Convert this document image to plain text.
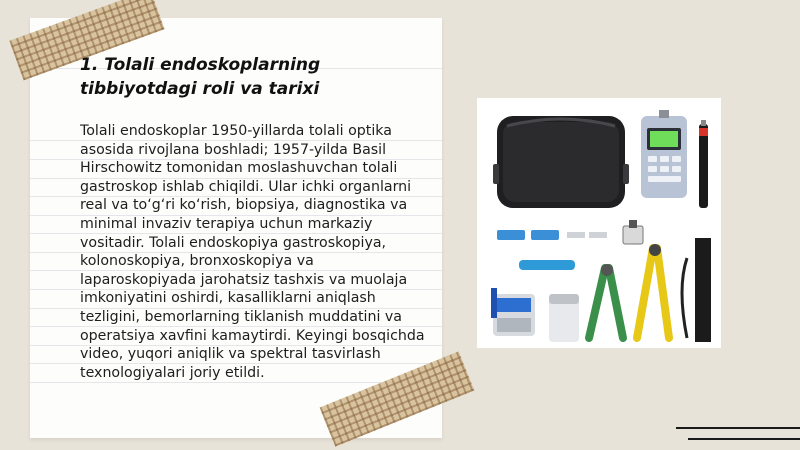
1. Tolali endoskoplarning tibbiyotdagi roli va tarixi
Tolali endoskoplar 1950-yillarda tolali optika asosida rivojlana boshladi; 1957-yilda Basil Hirschowitz tomonidan moslashuvchan tolali gastroskop ishlab chiqildi. Ular ichki organlarni real va to‘g‘ri ko‘rish, biopsiya, diagnostika va minimal invaziv terapiya uchun markaziy vositadir. Tolali endoskopiya gastroskopiya, kolonoskopiya, bronxoskopiya va laparoskopiyada jarohatsiz tashxis va muolaja imkoniyatini oshirdi, kasalliklarni aniqlash tezligini, bemorlarning tiklanish muddatini va operatsiya xavfini kamaytirdi. Keyingi bosqichda video, yuqori aniqlik va spektral tasvirlash texnologiyalari joriy etildi.
